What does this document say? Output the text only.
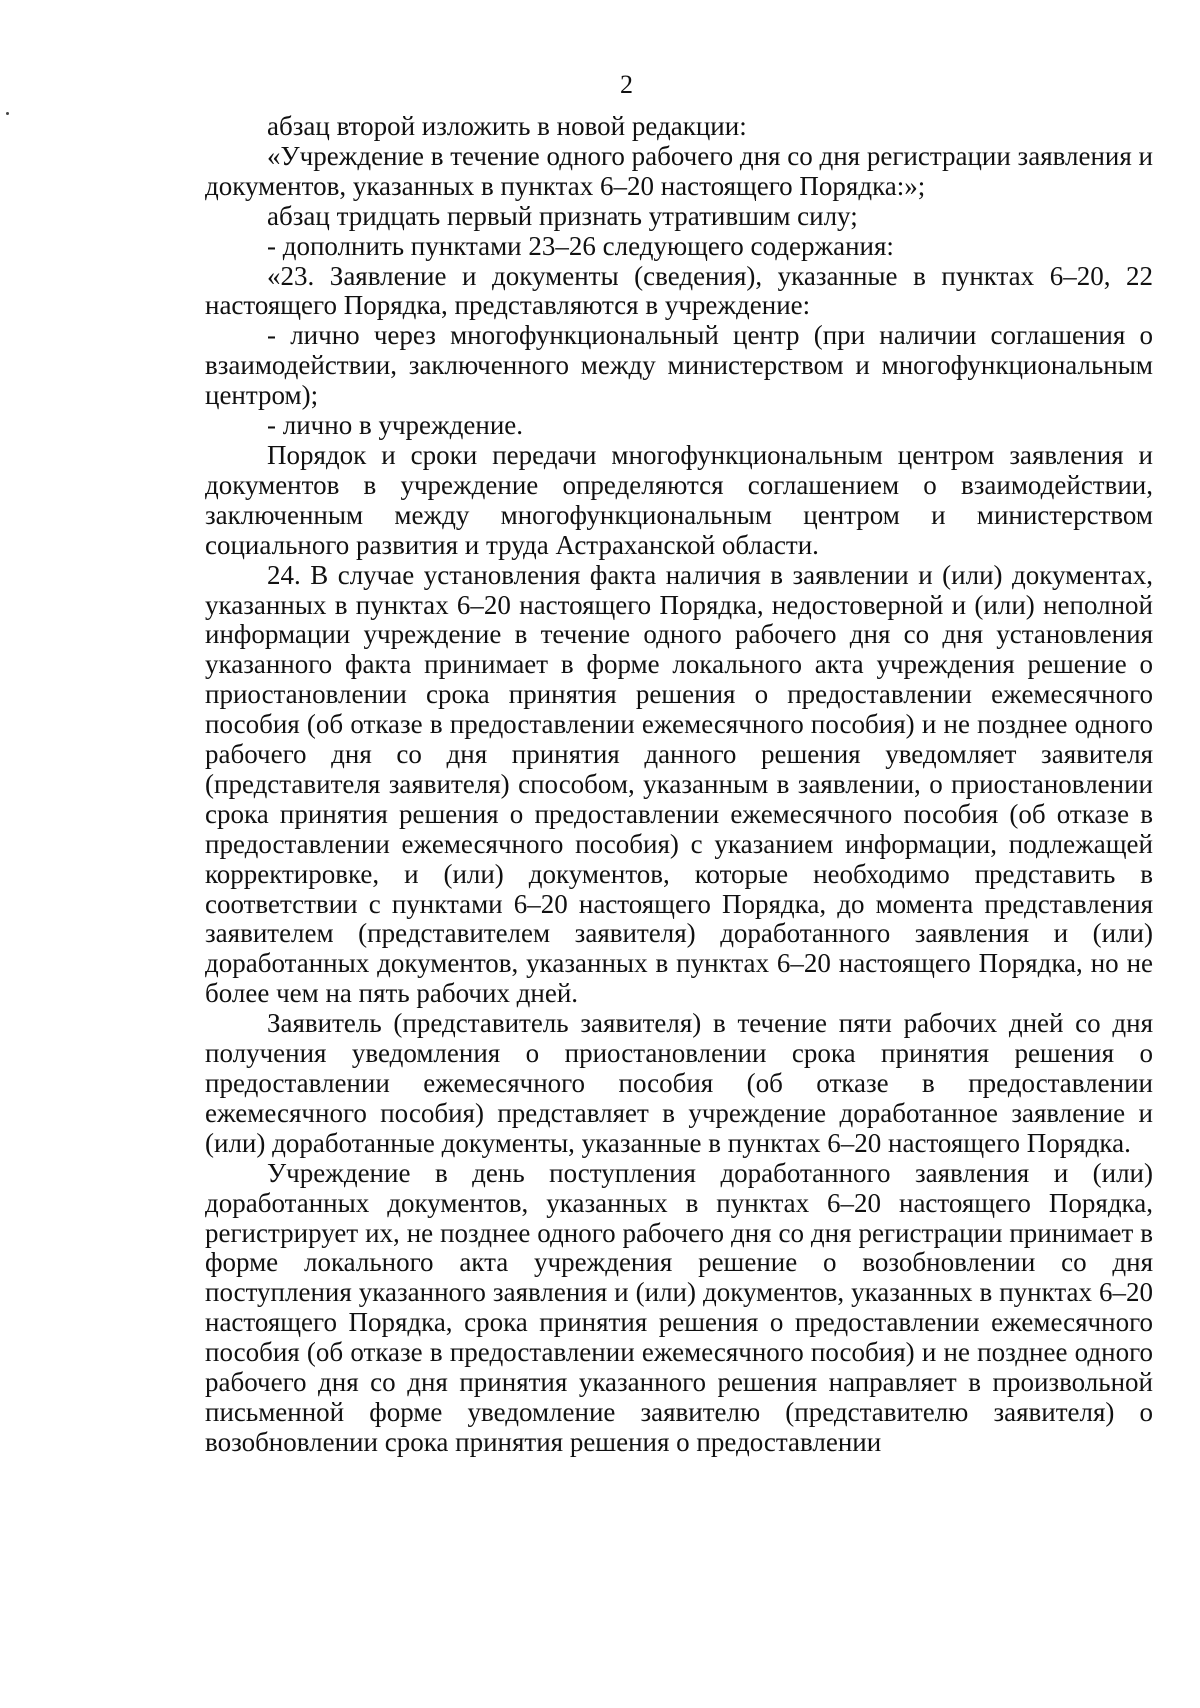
2

абзац второй изложить в новой редакции:

«Учреждение в течение одного рабочего дня со дня регистрации заявления и документов, указанных в пунктах 6–20 настоящего Порядка:»;

абзац тридцать первый признать утратившим силу;

- дополнить пунктами 23–26 следующего содержания:

«23. Заявление и документы (сведения), указанные в пунктах 6–20, 22 настоящего Порядка, представляются в учреждение:

- лично через многофункциональный центр (при наличии соглашения о взаимодействии, заключенного между министерством и многофункциональным центром);

- лично в учреждение.

Порядок и сроки передачи многофункциональным центром заявления и документов в учреждение определяются соглашением о взаимодействии, заключенным между многофункциональным центром и министерством социального развития и труда Астраханской области.

24. В случае установления факта наличия в заявлении и (или) документах, указанных в пунктах 6–20 настоящего Порядка, недостоверной и (или) неполной информации учреждение в течение одного рабочего дня со дня установления указанного факта принимает в форме локального акта учреждения решение о приостановлении срока принятия решения о предоставлении ежемесячного пособия (об отказе в предоставлении ежемесячного пособия) и не позднее одного рабочего дня со дня принятия данного решения уведомляет заявителя (представителя заявителя) способом, указанным в заявлении, о приостановлении срока принятия решения о предоставлении ежемесячного пособия (об отказе в предоставлении ежемесячного пособия) с указанием информации, подлежащей корректировке, и (или) документов, которые необходимо представить в соответствии с пунктами 6–20 настоящего Порядка, до момента представления заявителем (представителем заявителя) доработанного заявления и (или) доработанных документов, указанных в пунктах 6–20 настоящего Порядка, но не более чем на пять рабочих дней.

Заявитель (представитель заявителя) в течение пяти рабочих дней со дня получения уведомления о приостановлении срока принятия решения о предоставлении ежемесячного пособия (об отказе в предоставлении ежемесячного пособия) представляет в учреждение доработанное заявление и (или) доработанные документы, указанные в пунктах 6–20 настоящего Порядка.

Учреждение в день поступления доработанного заявления и (или) доработанных документов, указанных в пунктах 6–20 настоящего Порядка, регистрирует их, не позднее одного рабочего дня со дня регистрации принимает в форме локального акта учреждения решение о возобновлении со дня поступления указанного заявления и (или) документов, указанных в пунктах 6–20 настоящего Порядка, срока принятия решения о предоставлении ежемесячного пособия (об отказе в предоставлении ежемесячного пособия) и не позднее одного рабочего дня со дня принятия указанного решения направляет в произвольной письменной форме уведомление заявителю (представителю заявителя) о возобновлении срока принятия решения о предоставлении
